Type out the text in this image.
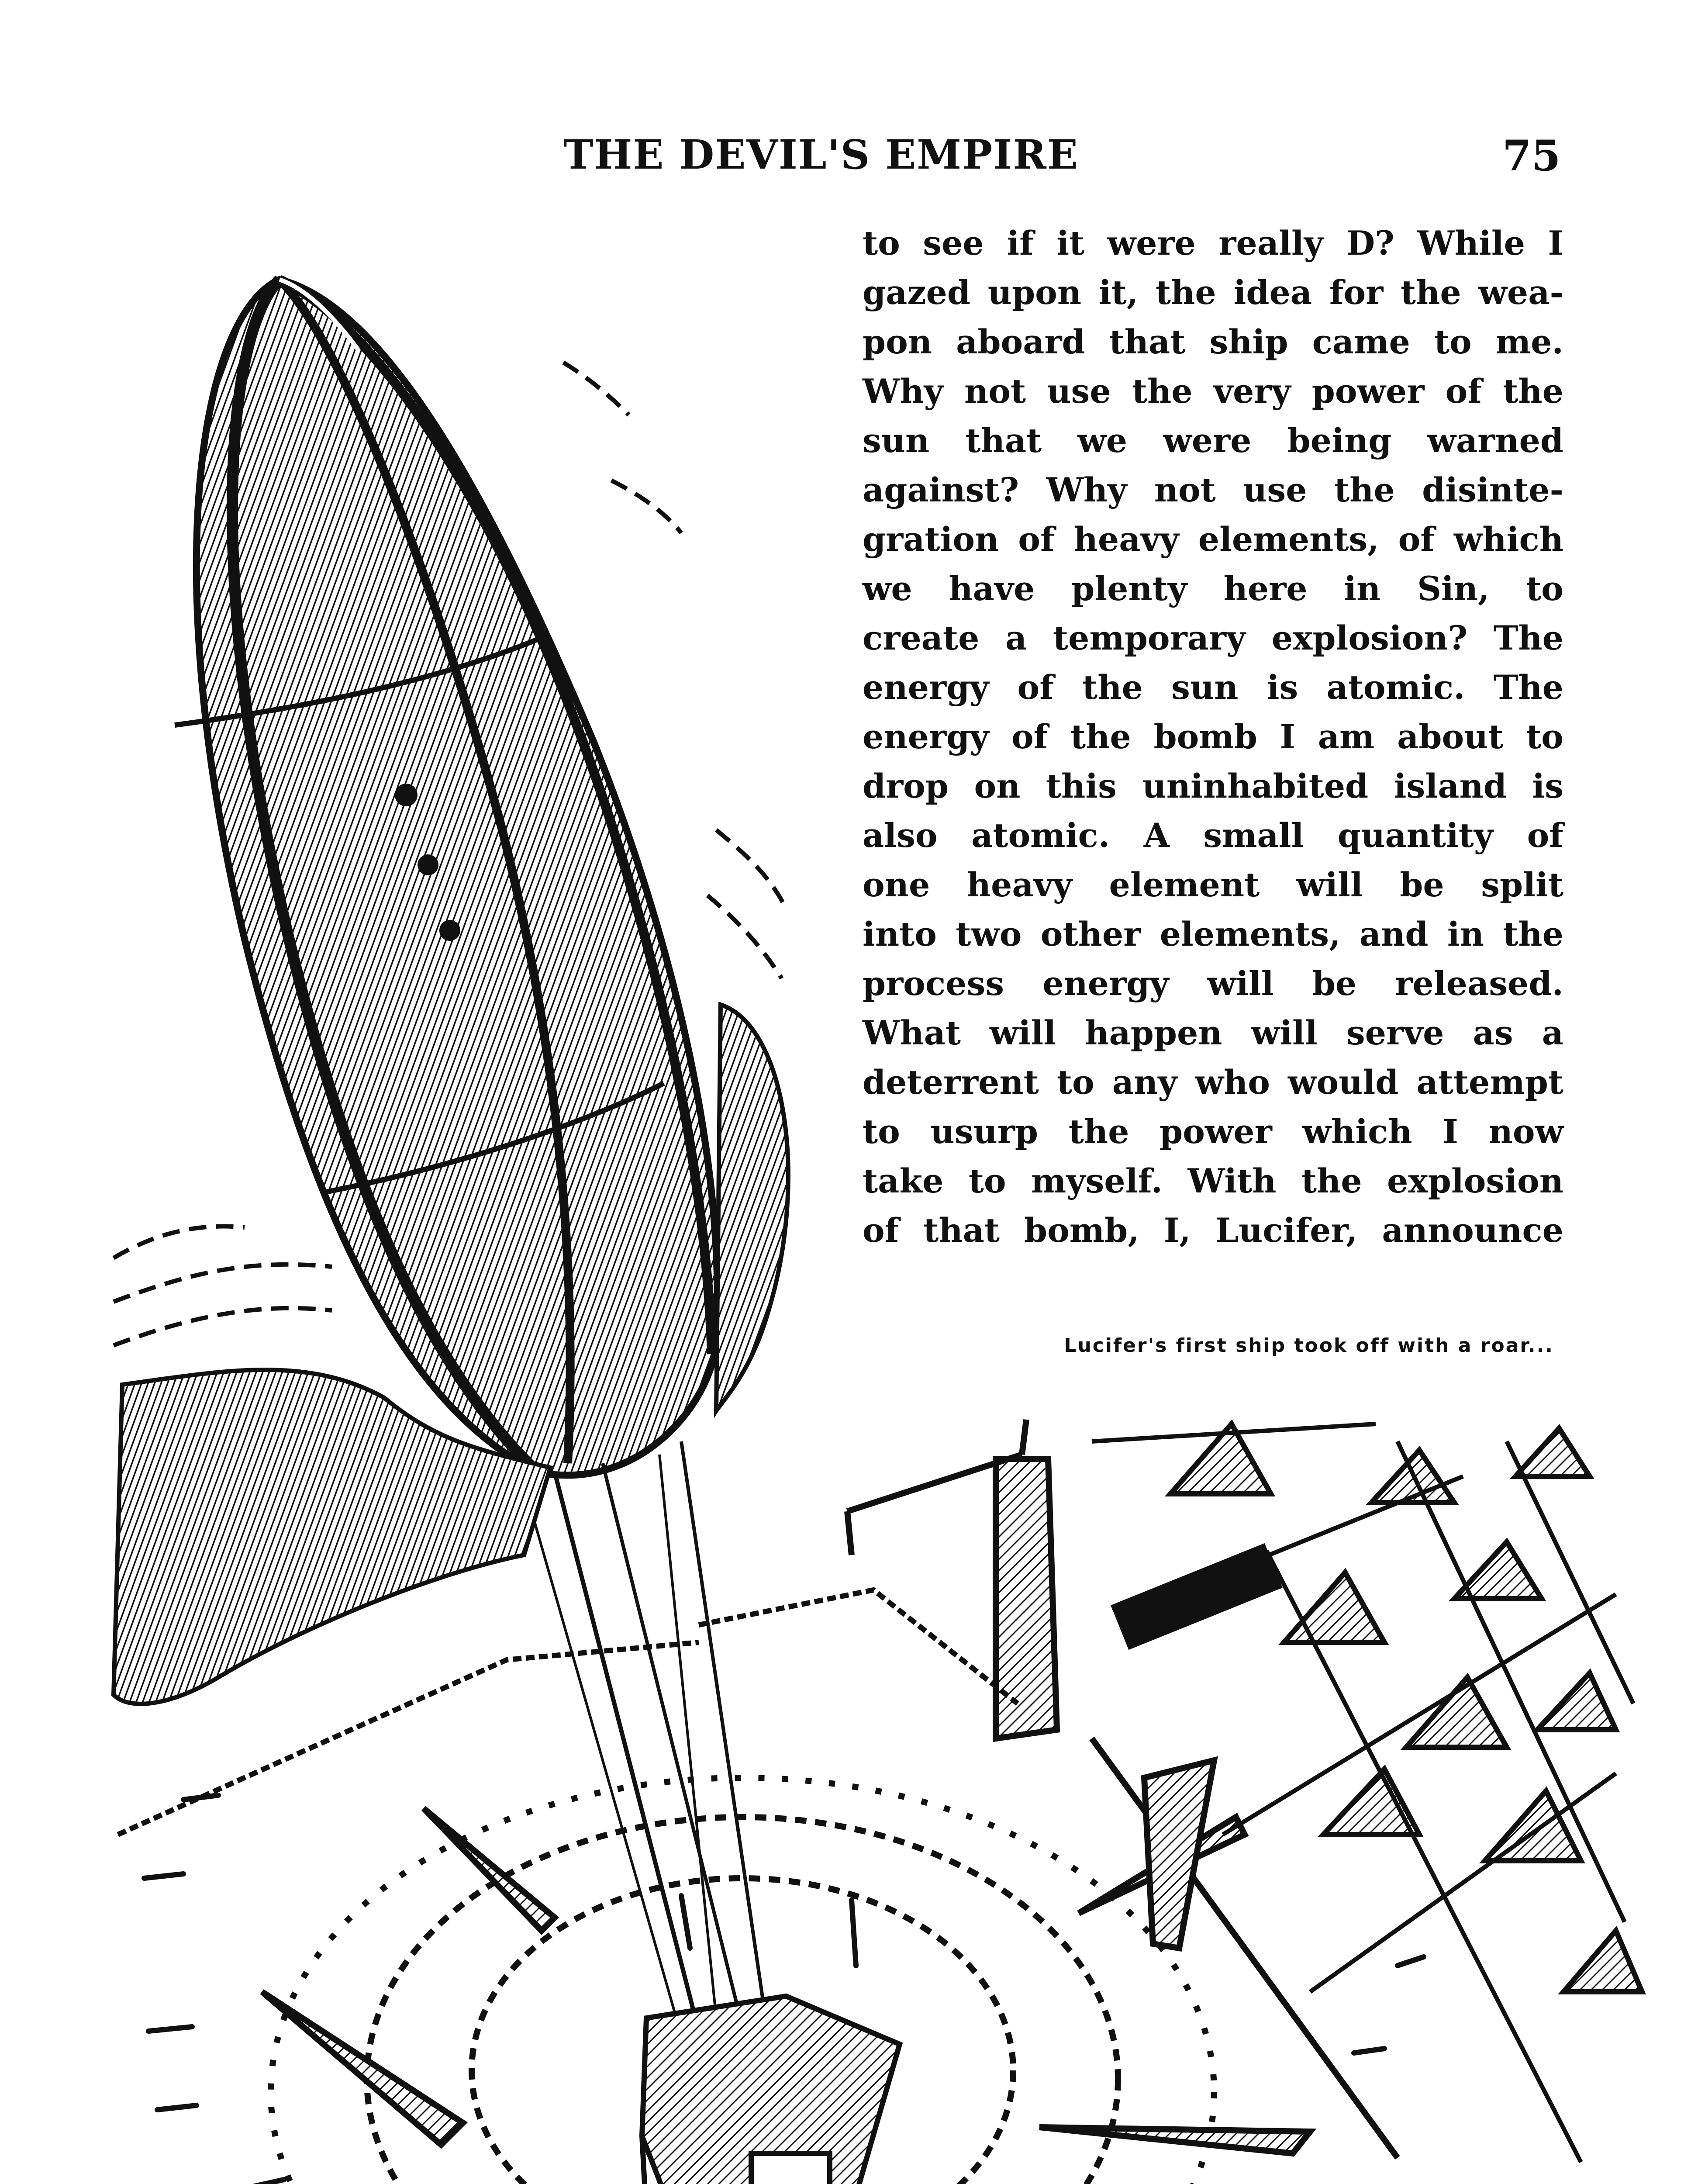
THE DEVIL'S EMPIRE	75
to see if it were really D? While I
gazed upon it, the idea for the wea-
pon aboard that ship came to me.
Why not use the very power of the
sun that we were being warned
against? Why not use the disinte-
gration of heavy elements, of which
we have plenty here in Sin, to
create a temporary explosion? The
energy of the sun is atomic. The
energy of the bomb I am about to
drop on this uninhabited island is
also atomic. A small quantity of
one heavy element will be split
into two other elements, and in the
process energy will be released.
What will happen will serve as a
deterrent to any who would attempt
to usurp the power which I now
take to myself. With the explosion
of that bomb, I, Lucifer, announce
Lucifer's first ship took off with a roar...
